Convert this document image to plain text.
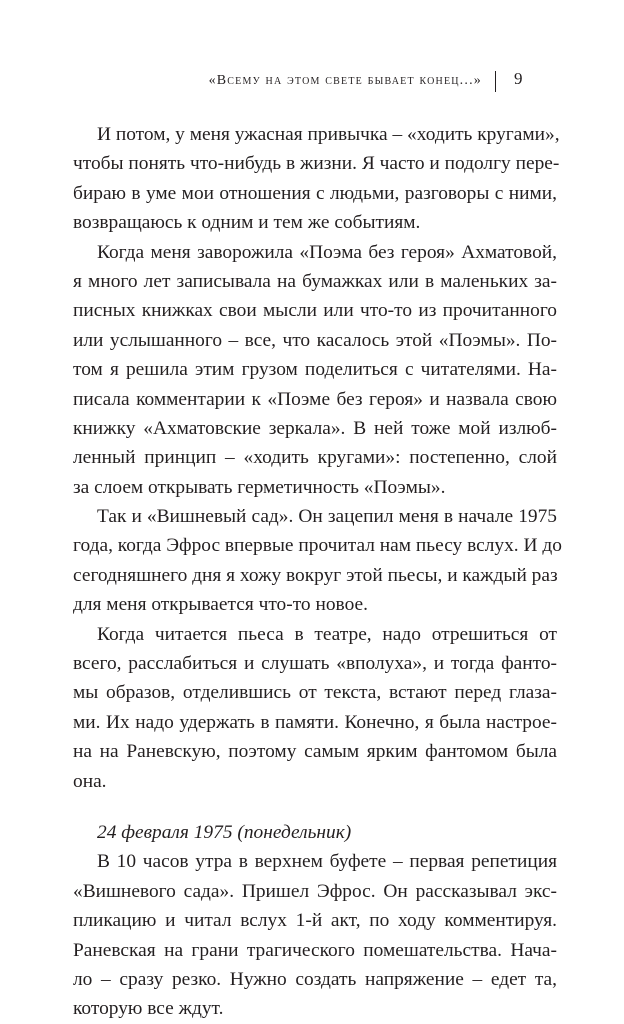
«Всему на этом свете бывает конец...» 9
И потом, у меня ужасная привычка – «ходить кругами»,
чтобы понять что-нибудь в жизни. Я часто и подолгу пере-
бираю в уме мои отношения с людьми, разговоры с ними,
возвращаюсь к одним и тем же событиям.
Когда меня заворожила «Поэма без героя» Ахматовой,
я много лет записывала на бумажках или в маленьких за-
писных книжках свои мысли или что-то из прочитанного
или услышанного – все, что касалось этой «Поэмы». По-
том я решила этим грузом поделиться с читателями. На-
писала комментарии к «Поэме без героя» и назвала свою
книжку «Ахматовские зеркала». В ней тоже мой излюб-
ленный принцип – «ходить кругами»: постепенно, слой
за слоем открывать герметичность «Поэмы».
Так и «Вишневый сад». Он зацепил меня в начале 1975
года, когда Эфрос впервые прочитал нам пьесу вслух. И до
сегодняшнего дня я хожу вокруг этой пьесы, и каждый раз
для меня открывается что-то новое.
Когда читается пьеса в театре, надо отрешиться от
всего, расслабиться и слушать «вполуха», и тогда фанто-
мы образов, отделившись от текста, встают перед глаза-
ми. Их надо удержать в памяти. Конечно, я была настрое-
на на Раневскую, поэтому самым ярким фантомом была
она.
24 февраля 1975 (понедельник)
В 10 часов утра в верхнем буфете – первая репетиция
«Вишневого сада». Пришел Эфрос. Он рассказывал экс-
пликацию и читал вслух 1-й акт, по ходу комментируя.
Раневская на грани трагического помешательства. Нача-
ло – сразу резко. Нужно создать напряжение – едет та,
которую все ждут.
